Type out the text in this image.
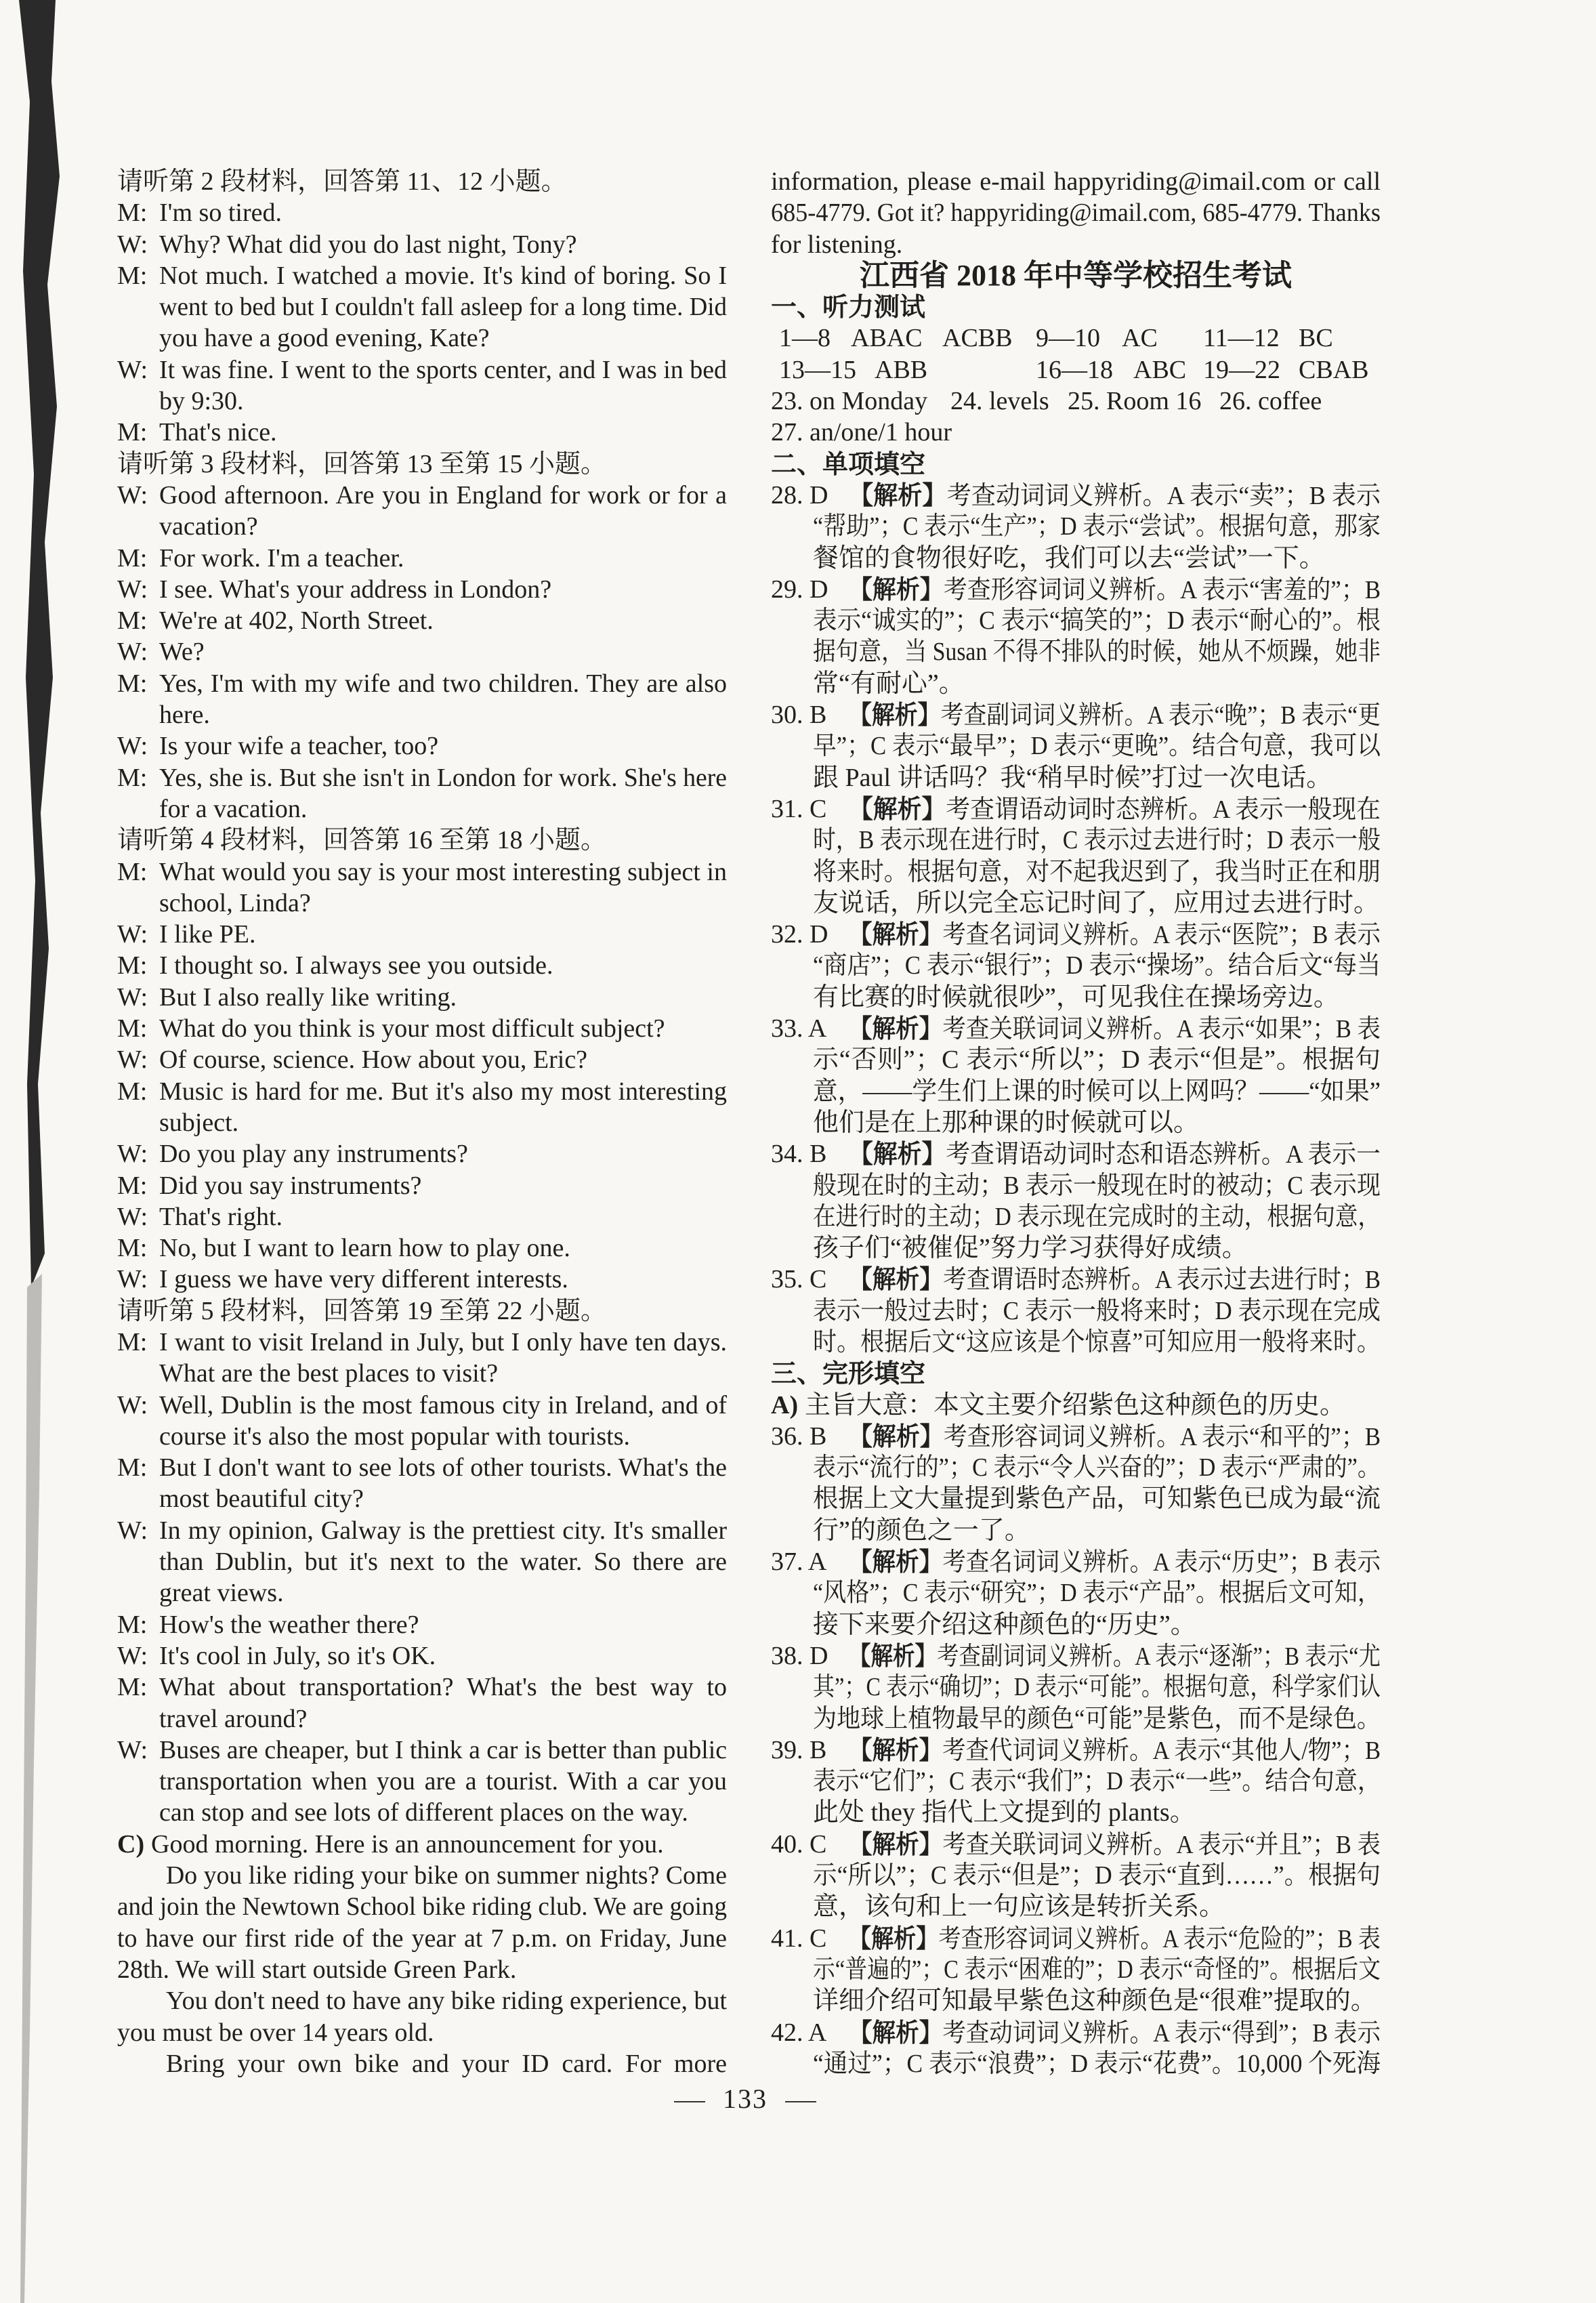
请听第 2 段材料，回答第 11、12 小题。
M: I'm so tired.
W: Why? What did you do last night, Tony?
M: Not much. I watched a movie. It's kind of boring. So I
went to bed but I couldn't fall asleep for a long time. Did
you have a good evening, Kate?
W: It was fine. I went to the sports center, and I was in bed
by 9:30.
M: That's nice.
请听第 3 段材料，回答第 13 至第 15 小题。
W: Good afternoon. Are you in England for work or for a
vacation?
M: For work. I'm a teacher.
W: I see. What's your address in London?
M: We're at 402, North Street.
W: We?
M: Yes, I'm with my wife and two children. They are also
here.
W: Is your wife a teacher, too?
M: Yes, she is. But she isn't in London for work. She's here
for a vacation.
请听第 4 段材料，回答第 16 至第 18 小题。
M: What would you say is your most interesting subject in
school, Linda?
W: I like PE.
M: I thought so. I always see you outside.
W: But I also really like writing.
M: What do you think is your most difficult subject?
W: Of course, science. How about you, Eric?
M: Music is hard for me. But it's also my most interesting
subject.
W: Do you play any instruments?
M: Did you say instruments?
W: That's right.
M: No, but I want to learn how to play one.
W: I guess we have very different interests.
请听第 5 段材料，回答第 19 至第 22 小题。
M: I want to visit Ireland in July, but I only have ten days.
What are the best places to visit?
W: Well, Dublin is the most famous city in Ireland, and of
course it's also the most popular with tourists.
M: But I don't want to see lots of other tourists. What's the
most beautiful city?
W: In my opinion, Galway is the prettiest city. It's smaller
than Dublin, but it's next to the water. So there are
great views.
M: How's the weather there?
W: It's cool in July, so it's OK.
M: What about transportation? What's the best way to
travel around?
W: Buses are cheaper, but I think a car is better than public
transportation when you are a tourist. With a car you
can stop and see lots of different places on the way.
C) Good morning. Here is an announcement for you.
Do you like riding your bike on summer nights? Come
and join the Newtown School bike riding club. We are going
to have our first ride of the year at 7 p.m. on Friday, June
28th. We will start outside Green Park.
You don't need to have any bike riding experience, but
you must be over 14 years old.
Bring your own bike and your ID card. For more
information, please e-mail happyriding@imail.com or call
685-4779. Got it? happyriding@imail.com, 685-4779. Thanks
for listening.
江西省 2018 年中等学校招生考试
一、听力测试
1—8 ABAC ACBB 9—10 AC 11—12 BC
13—15 ABB	16—18 ABC 19—22 CBAB
23. on Monday 24. levels 25. Room 16 26. coffee
27. an/one/1 hour
二、单项填空
28. D 【解析】考查动词词义辨析。A 表示“卖”；B 表示
“帮助”；C 表示“生产”；D 表示“尝试”。根据句意，那家
餐馆的食物很好吃，我们可以去“尝试”一下。
29. D 【解析】考查形容词词义辨析。A 表示“害羞的”；B
表示“诚实的”；C 表示“搞笑的”；D 表示“耐心的”。根
据句意，当 Susan 不得不排队的时候，她从不烦躁，她非
常“有耐心”。
30. B 【解析】考查副词词义辨析。A 表示“晚”；B 表示“更
早”；C 表示“最早”；D 表示“更晚”。结合句意，我可以
跟 Paul 讲话吗？我“稍早时候”打过一次电话。
31. C 【解析】考查谓语动词时态辨析。A 表示一般现在
时，B 表示现在进行时，C 表示过去进行时；D 表示一般
将来时。根据句意，对不起我迟到了，我当时正在和朋
友说话，所以完全忘记时间了，应用过去进行时。
32. D 【解析】考查名词词义辨析。A 表示“医院”；B 表示
“商店”；C 表示“银行”；D 表示“操场”。结合后文“每当
有比赛的时候就很吵”，可见我住在操场旁边。
33. A 【解析】考查关联词词义辨析。A 表示“如果”；B 表
示“否则”；C 表示“所以”；D 表示“但是”。根据句
意，——学生们上课的时候可以上网吗？——“如果”
他们是在上那种课的时候就可以。
34. B 【解析】考查谓语动词时态和语态辨析。A 表示一
般现在时的主动；B 表示一般现在时的被动；C 表示现
在进行时的主动；D 表示现在完成时的主动，根据句意，
孩子们“被催促”努力学习获得好成绩。
35. C 【解析】考查谓语时态辨析。A 表示过去进行时；B
表示一般过去时；C 表示一般将来时；D 表示现在完成
时。根据后文“这应该是个惊喜”可知应用一般将来时。
三、完形填空
A) 主旨大意：本文主要介绍紫色这种颜色的历史。
36. B 【解析】考查形容词词义辨析。A 表示“和平的”；B
表示“流行的”；C 表示“令人兴奋的”；D 表示“严肃的”。
根据上文大量提到紫色产品，可知紫色已成为最“流
行”的颜色之一了。
37. A 【解析】考查名词词义辨析。A 表示“历史”；B 表示
“风格”；C 表示“研究”；D 表示“产品”。根据后文可知，
接下来要介绍这种颜色的“历史”。
38. D 【解析】考查副词词义辨析。A 表示“逐渐”；B 表示“尤
其”；C 表示“确切”；D 表示“可能”。根据句意，科学家们认
为地球上植物最早的颜色“可能”是紫色，而不是绿色。
39. B 【解析】考查代词词义辨析。A 表示“其他人/物”；B
表示“它们”；C 表示“我们”；D 表示“一些”。结合句意，
此处 they 指代上文提到的 plants。
40. C 【解析】考查关联词词义辨析。A 表示“并且”；B 表
示“所以”；C 表示“但是”；D 表示“直到……”。根据句
意，该句和上一句应该是转折关系。
41. C 【解析】考查形容词词义辨析。A 表示“危险的”；B 表
示“普遍的”；C 表示“困难的”；D 表示“奇怪的”。根据后文
详细介绍可知最早紫色这种颜色是“很难”提取的。
42. A 【解析】考查动词词义辨析。A 表示“得到”；B 表示
“通过”；C 表示“浪费”；D 表示“花费”。10,000 个死海
133
